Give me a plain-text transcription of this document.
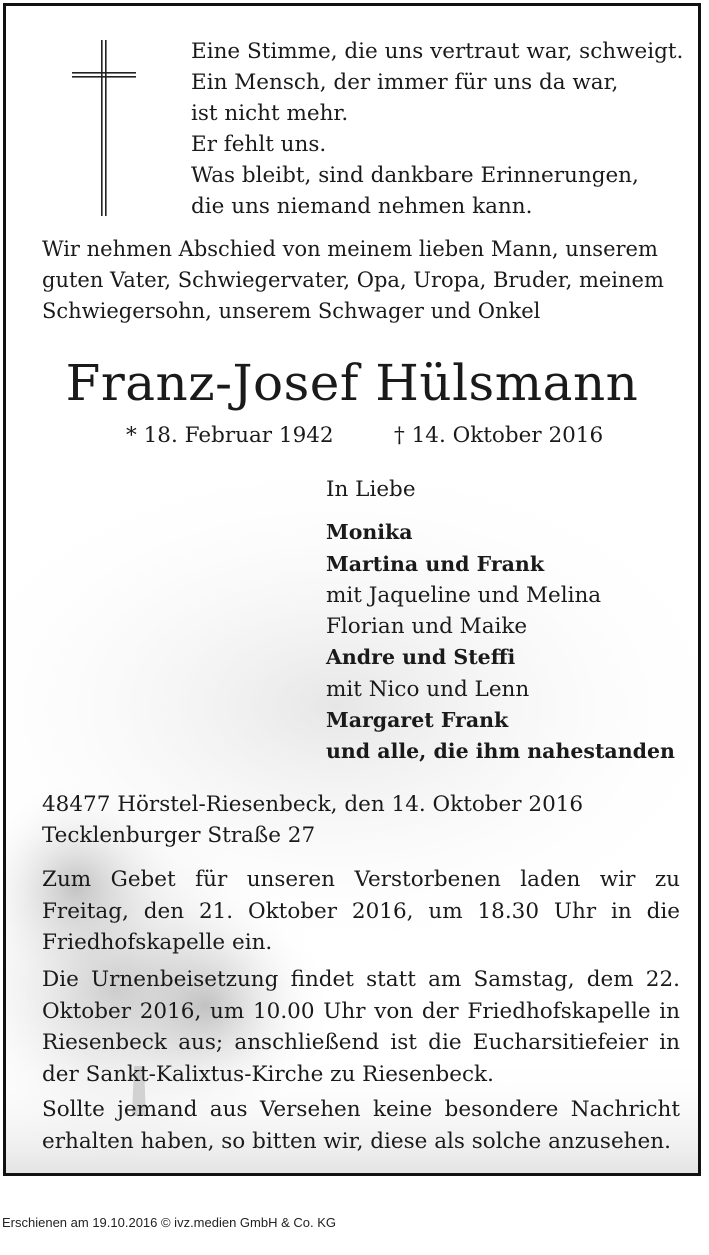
Eine Stimme, die uns vertraut war, schweigt.
Ein Mensch, der immer für uns da war,
ist nicht mehr.
Er fehlt uns.
Was bleibt, sind dankbare Erinnerungen,
die uns niemand nehmen kann.
Wir nehmen Abschied von meinem lieben Mann, unserem
guten Vater, Schwiegervater, Opa, Uropa, Bruder, meinem
Schwiegersohn, unserem Schwager und Onkel
Franz-Josef Hülsmann
* 18. Februar 1942	† 14. Oktober 2016
In Liebe
Monika
Martina und Frank
mit Jaqueline und Melina
Florian und Maike
Andre und Steffi
mit Nico und Lenn
Margaret Frank
und alle, die ihm nahestanden
48477 Hörstel-Riesenbeck, den 14. Oktober 2016
Tecklenburger Straße 27
Zum Gebet für unseren Verstorbenen laden wir zu Freitag, den 21. Oktober 2016, um 18.30 Uhr in die Friedhofskapelle ein.
Die Urnenbeisetzung findet statt am Samstag, dem 22. Oktober 2016, um 10.00 Uhr von der Friedhofskapelle in Riesenbeck aus; anschließend ist die Eucharsitiefeier in der Sankt-Kalixtus-Kirche zu Riesenbeck.
Sollte jemand aus Versehen keine besondere Nachricht erhalten haben, so bitten wir, diese als solche anzusehen.
Erschienen am 19.10.2016 © ivz.medien GmbH & Co. KG
